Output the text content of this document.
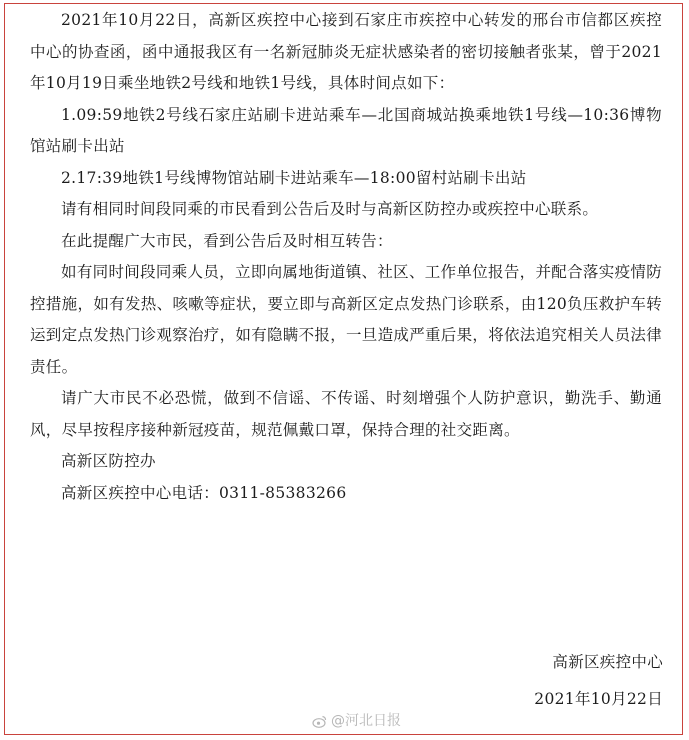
2021年10月22日，高新区疾控中心接到石家庄市疾控中心转发的邢台市信都区疾控中心的协查函，函中通报我区有一名新冠肺炎无症状感染者的密切接触者张某，曾于2021年10月19日乘坐地铁2号线和地铁1号线，具体时间点如下：

1.09:59地铁2号线石家庄站刷卡进站乘车—北国商城站换乘地铁1号线—10:36博物馆站刷卡出站

2.17:39地铁1号线博物馆站刷卡进站乘车—18:00留村站刷卡出站

请有相同时间段同乘的市民看到公告后及时与高新区防控办或疾控中心联系。

在此提醒广大市民，看到公告后及时相互转告：

如有同时间段同乘人员，立即向属地街道镇、社区、工作单位报告，并配合落实疫情防控措施，如有发热、咳嗽等症状，要立即与高新区定点发热门诊联系，由120负压救护车转运到定点发热门诊观察治疗，如有隐瞒不报，一旦造成严重后果，将依法追究相关人员法律责任。

请广大市民不必恐慌，做到不信谣、不传谣、时刻增强个人防护意识，勤洗手、勤通风，尽早按程序接种新冠疫苗，规范佩戴口罩，保持合理的社交距离。

高新区防控办

高新区疾控中心电话：0311-85383266

高新区疾控中心
2021年10月22日
@河北日报
